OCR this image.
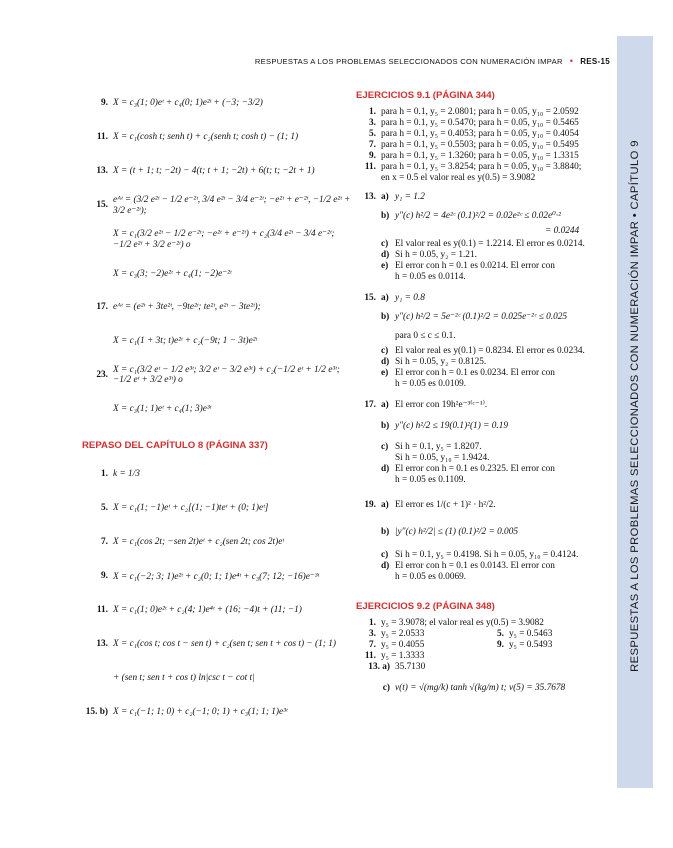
RESPUESTAS A LOS PROBLEMAS SELECCIONADOS CON NUMERACIÓN IMPAR • RES-15
RESPUESTAS A LOS PROBLEMAS SELECCIONADOS CON NUMERACIÓN IMPAR • CAPÍTULO 9
9. X = c₃(1; 0)eᵗ + c₄(0; 1)e²ᵗ + (−3; −3/2)
11. X = c₁(cosh t; senh t) + c₂(senh t; cosh t) − (1; 1)
13. X = (t + 1; t; −2t) − 4(t; t + 1; −2t) + 6(t; t; −2t + 1)
15. eᴬᵗ = (3/2 e²ᵗ − 1/2 e⁻²ᵗ, 3/4 e²ᵗ − 3/4 e⁻²ᵗ; −e²ᵗ + e⁻²ᵗ, −1/2 e²ᵗ + 3/2 e⁻²ᵗ);
X = c₁(3/2 e²ᵗ − 1/2 e⁻²ᵗ; −e²ᵗ + e⁻²ᵗ) + c₂(3/4 e²ᵗ − 3/4 e⁻²ᵗ; −1/2 e²ᵗ + 3/2 e⁻²ᵗ) o
X = c₃(3; −2)e²ᵗ + c₄(1; −2)e⁻²ᵗ
17. eᴬᵗ = (e²ᵗ + 3te²ᵗ, −9te²ᵗ; te²ᵗ, e²ᵗ − 3te²ᵗ);
X = c₁(1 + 3t; t)e²ᵗ + c₂(−9t; 1 − 3t)e²ᵗ
23. X = c₁(3/2 eᵗ − 1/2 e³ᵗ; 3/2 eᵗ − 3/2 e³ᵗ) + c₂(−1/2 eᵗ + 1/2 e³ᵗ; −1/2 eᵗ + 3/2 e³ᵗ) o
X = c₃(1; 1)eᵗ + c₄(1; 3)e³ᵗ
REPASO DEL CAPÍTULO 8 (PÁGINA 337)
1. k = 1/3
5. X = c₁(1; −1)eᵗ + c₂[(1; −1)teᵗ + (0; 1)eᵗ]
7. X = c₁(cos 2t; −sen 2t)eᵗ + c₂(sen 2t; cos 2t)eᵗ
9. X = c₁(−2; 3; 1)e²ᵗ + c₂(0; 1; 1)e⁴ᵗ + c₃(7; 12; −16)e⁻³ᵗ
11. X = c₁(1; 0)e²ᵗ + c₂(4; 1)e⁴ᵗ + (16; −4)t + (11; −1)
13. X = c₁(cos t; cos t − sen t) + c₂(sen t; sen t + cos t) − (1; 1)
+ (sen t; sen t + cos t) ln|csc t − cot t|
15. b) X = c₁(−1; 1; 0) + c₂(−1; 0; 1) + c₃(1; 1; 1)e³ᵗ
EJERCICIOS 9.1 (PÁGINA 344)
1. para h = 0.1, y₅ = 2.0801; para h = 0.05, y₁₀ = 2.0592
3. para h = 0.1, y₅ = 0.5470; para h = 0.05, y₁₀ = 0.5465
5. para h = 0.1, y₅ = 0.4053; para h = 0.05, y₁₀ = 0.4054
7. para h = 0.1, y₅ = 0.5503; para h = 0.05, y₁₀ = 0.5495
9. para h = 0.1, y₅ = 1.3260; para h = 0.05, y₁₀ = 1.3315
11. para h = 0.1, y₅ = 3.8254; para h = 0.05, y₁₀ = 3.8840;
en x = 0.5 el valor real es y(0.5) = 3.9082
13. a) y₁ = 1.2
b) y″(c) h²/2 = 4e²ᶜ (0.1)²/2 = 0.02e²ᶜ ≤ 0.02e⁰·²
= 0.0244
c) El valor real es y(0.1) = 1.2214. El error es 0.0214.
d) Si h = 0.05, y₂ = 1.21.
e) El error con h = 0.1 es 0.0214. El error con
h = 0.05 es 0.0114.
15. a) y₁ = 0.8
b) y″(c) h²/2 = 5e⁻²ᶜ (0.1)²/2 = 0.025e⁻²ᶜ ≤ 0.025
para 0 ≤ c ≤ 0.1.
c) El valor real es y(0.1) = 0.8234. El error es 0.0234.
d) Si h = 0.05, y₂ = 0.8125.
e) El error con h = 0.1 es 0.0234. El error con
h = 0.05 es 0.0109.
17. a) El error con 19h²e⁻³⁽ᶜ⁻¹⁾.
b) y″(c) h²/2 ≤ 19(0.1)²(1) = 0.19
c) Si h = 0.1, y₅ = 1.8207.
Si h = 0.05, y₁₀ = 1.9424.
d) El error con h = 0.1 es 0.2325. El error con
h = 0.05 es 0.1109.
19. a) El error es 1/(c + 1)² · h²/2.
b) |y″(c) h²/2| ≤ (1) (0.1)²/2 = 0.005
c) Si h = 0.1, y₅ = 0.4198. Si h = 0.05, y₁₀ = 0.4124.
d) El error con h = 0.1 es 0.0143. El error con
h = 0.05 es 0.0069.
EJERCICIOS 9.2 (PÁGINA 348)
1. y₅ = 3.9078; el valor real es y(0.5) = 3.9082
3. y₅ = 2.0533	5. y₅ = 0.5463
7. y₅ = 0.4055	9. y₅ = 0.5493
11. y₅ = 1.3333
13. a) 35.7130
c) v(t) = √(mg/k) tanh √(kg/m) t; v(5) = 35.7678
